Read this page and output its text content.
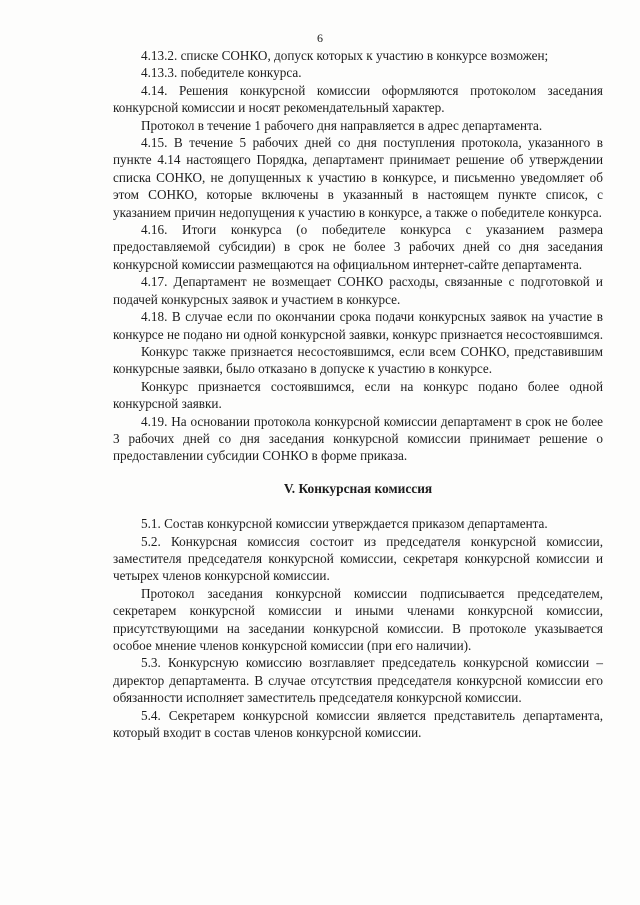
6

4.13.2. списке СОНКО, допуск которых к участию в конкурсе возможен;

4.13.3. победителе конкурса.

4.14. Решения конкурсной комиссии оформляются протоколом заседания конкурсной комиссии и носят рекомендательный характер.

Протокол в течение 1 рабочего дня направляется в адрес департамента.

4.15. В течение 5 рабочих дней со дня поступления протокола, указанного в пункте 4.14 настоящего Порядка, департамент принимает решение об утверждении списка СОНКО, не допущенных к участию в конкурсе, и письменно уведомляет об этом СОНКО, которые включены в указанный в настоящем пункте список, с указанием причин недопущения к участию в конкурсе, а также о победителе конкурса.

4.16. Итоги конкурса (о победителе конкурса с указанием размера предоставляемой субсидии) в срок не более 3 рабочих дней со дня заседания конкурсной комиссии размещаются на официальном интернет-сайте департамента.

4.17. Департамент не возмещает СОНКО расходы, связанные с подготовкой и подачей конкурсных заявок и участием в конкурсе.

4.18. В случае если по окончании срока подачи конкурсных заявок на участие в конкурсе не подано ни одной конкурсной заявки, конкурс признается несостоявшимся.

Конкурс также признается несостоявшимся, если всем СОНКО, представившим конкурсные заявки, было отказано в допуске к участию в конкурсе.

Конкурс признается состоявшимся, если на конкурс подано более одной конкурсной заявки.

4.19. На основании протокола конкурсной комиссии департамент в срок не более 3 рабочих дней со дня заседания конкурсной комиссии принимает решение о предоставлении субсидии СОНКО в форме приказа.

V. Конкурсная комиссия

5.1. Состав конкурсной комиссии утверждается приказом департамента.

5.2. Конкурсная комиссия состоит из председателя конкурсной комиссии, заместителя председателя конкурсной комиссии, секретаря конкурсной комиссии и четырех членов конкурсной комиссии.

Протокол заседания конкурсной комиссии подписывается председателем, секретарем конкурсной комиссии и иными членами конкурсной комиссии, присутствующими на заседании конкурсной комиссии. В протоколе указывается особое мнение членов конкурсной комиссии (при его наличии).

5.3. Конкурсную комиссию возглавляет председатель конкурсной комиссии – директор департамента. В случае отсутствия председателя конкурсной комиссии его обязанности исполняет заместитель председателя конкурсной комиссии.

5.4. Секретарем конкурсной комиссии является представитель департамента, который входит в состав членов конкурсной комиссии.
